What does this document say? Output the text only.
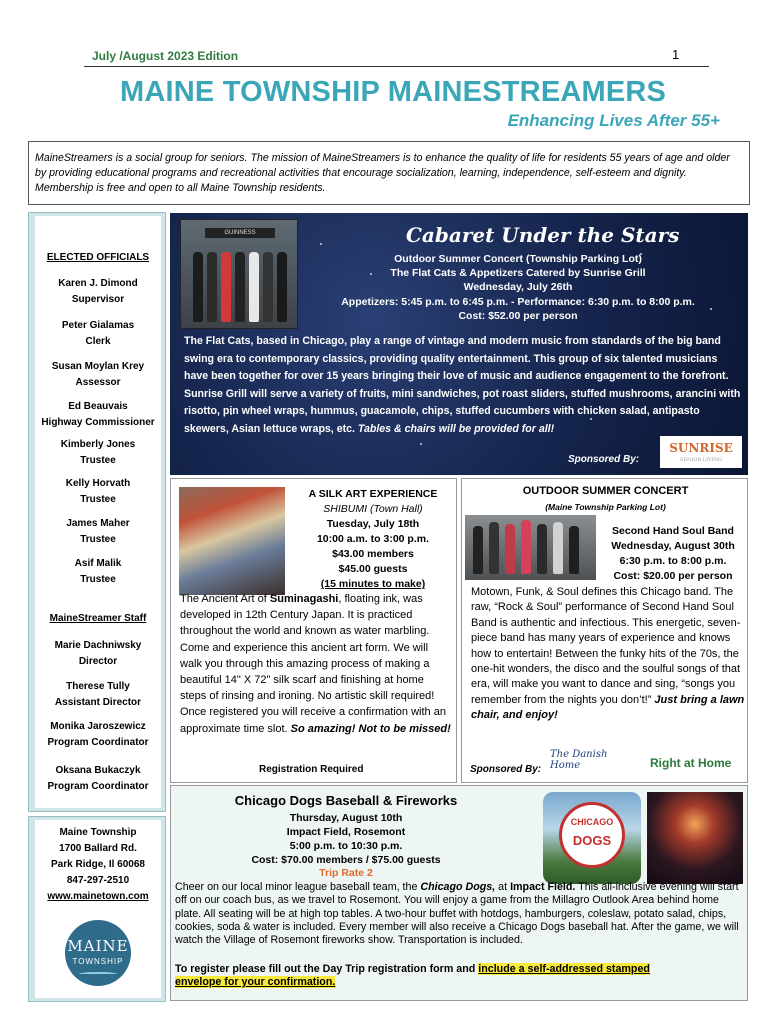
July /August 2023 Edition	1
MAINE TOWNSHIP MAINESTREAMERS
Enhancing Lives After 55+
MaineStreamers is a social group for seniors. The mission of MaineStreamers is to enhance the quality of life for residents 55 years of age and older by providing educational programs and recreational activities that encourage socialization, learning, independence, self-esteem and dignity. Membership is free and open to all Maine Township residents.
ELECTED OFFICIALS
Karen J. Dimond
Supervisor
Peter Gialamas
Clerk
Susan Moylan Krey
Assessor
Ed Beauvais
Highway Commissioner
Kimberly Jones
Trustee
Kelly Horvath
Trustee
James Maher
Trustee
Asif Malik
Trustee
MaineStreamer Staff
Marie Dachniwsky
Director
Therese Tully
Assistant Director
Monika Jaroszewicz
Program Coordinator
Oksana Bukaczyk
Program Coordinator
Maine Township
1700 Ballard Rd.
Park Ridge, Il 60068
847-297-2510
www.mainetown.com
MAINE
TOWNSHIP
GUINNESS	Cabaret Under the Stars
Outdoor Summer Concert (Township Parking Lot)
The Flat Cats & Appetizers Catered by Sunrise Grill
Wednesday, July 26th
Appetizers: 5:45 p.m. to 6:45 p.m. - Performance: 6:30 p.m. to 8:00 p.m.
Cost: $52.00 per person
The Flat Cats, based in Chicago, play a range of vintage and modern music from standards of the big band swing era to contemporary classics, providing quality entertainment. This group of six talented musicians have been together for over 15 years bringing their love of music and audience engagement to the forefront. Sunrise Grill will serve a variety of fruits, mini sandwiches, pot roast sliders, stuffed mushrooms, arancini with risotto, pin wheel wraps, hummus, guacamole, chips, stuffed cucumbers with chicken salad, antipasto skewers, Asian lettuce wraps, etc. Tables & chairs will be provided for all!
Sponsored By:
SUNRISE
SENIOR LIVING
A SILK ART EXPERIENCE
SHIBUMI (Town Hall)
Tuesday, July 18th
10:00 a.m. to 3:00 p.m.
$43.00 members
$45.00 guests
(15 minutes to make)
The Ancient Art of Suminagashi, floating ink, was developed in 12th Century Japan. It is practiced throughout the world and known as water marbling. Come and experience this ancient art form. We will walk you through this amazing process of making a beautiful 14" X 72" silk scarf and finishing at home steps of rinsing and ironing. No artistic skill required! Once registered you will receive a confirmation with an approximate time slot. So amazing! Not to be missed!
Registration Required
OUTDOOR SUMMER CONCERT
(Maine Township Parking Lot)
Second Hand Soul Band
Wednesday, August 30th
6:30 p.m. to 8:00 p.m.
Cost: $20.00 per person
Motown, Funk, & Soul defines this Chicago band. The raw, “Rock & Soul” performance of Second Hand Soul Band is authentic and infectious. This energetic, seven-piece band has many years of experience and knows how to entertain! Between the funky hits of the 70s, the one-hit wonders, the disco and the soulful songs of that era, will make you want to dance and sing, “songs you remember from the nights you don’t!” Just bring a lawn chair, and enjoy!
Sponsored By:
The Danish Home	Right at Home
Chicago Dogs Baseball & Fireworks
Thursday, August 10th
Impact Field, Rosemont
5:00 p.m. to 10:30 p.m.
Cost: $70.00 members / $75.00 guests
Trip Rate 2
CHICAGO
DOGS
Cheer on our local minor league baseball team, the Chicago Dogs, at Impact Field. This all-inclusive evening will start off on our coach bus, as we travel to Rosemont. You will enjoy a game from the Millagro Outlook Area behind home plate. All seating will be at high top tables. A two-hour buffet with hotdogs, hamburgers, coleslaw, potato salad, chips, cookies, soda & water is included. Every member will also receive a Chicago Dogs baseball hat. After the game, we will watch the Village of Rosemont fireworks show. Transportation is included.
To register please fill out the Day Trip registration form and include a self-addressed stamped
envelope for your confirmation.
